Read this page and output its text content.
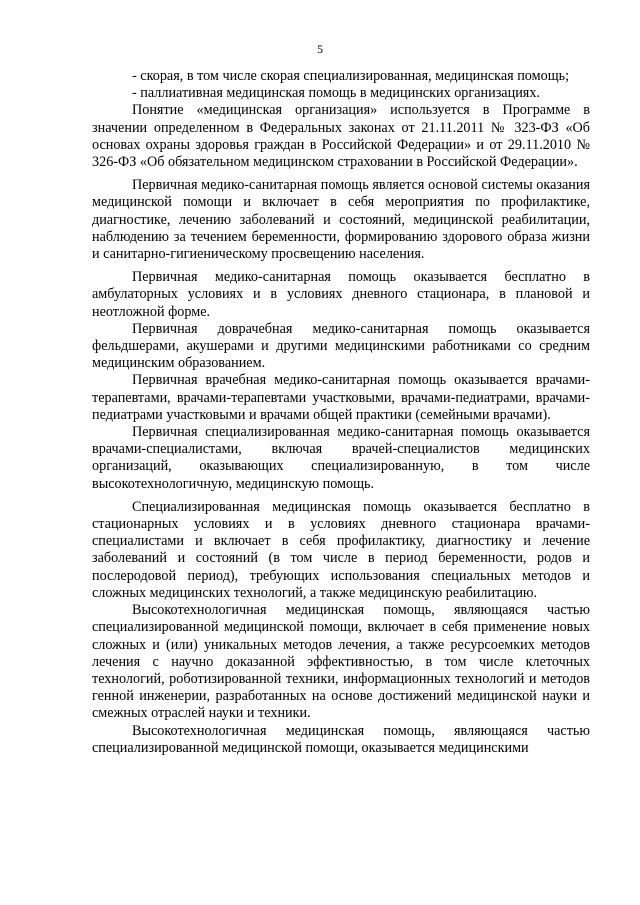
5

- скорая, в том числе скорая специализированная, медицинская помощь;

- паллиативная медицинская помощь в медицинских организациях.

Понятие «медицинская организация» используется в Программе в значении определенном в Федеральных законах от 21.11.2011 № 323-ФЗ «Об основах охраны здоровья граждан в Российской Федерации» и от 29.11.2010 № 326-ФЗ «Об обязательном медицинском страховании в Российской Федерации».

Первичная медико-санитарная помощь является основой системы оказания медицинской помощи и включает в себя мероприятия по профилактике, диагностике, лечению заболеваний и состояний, медицинской реабилитации, наблюдению за течением беременности, формированию здорового образа жизни и санитарно-гигиеническому просвещению населения.

Первичная медико-санитарная помощь оказывается бесплатно в амбулаторных условиях и в условиях дневного стационара, в плановой и неотложной форме.

Первичная доврачебная медико-санитарная помощь оказывается фельдшерами, акушерами и другими медицинскими работниками со средним медицинским образованием.

Первичная врачебная медико-санитарная помощь оказывается врачами-терапевтами, врачами-терапевтами участковыми, врачами-педиатрами, врачами-педиатрами участковыми и врачами общей практики (семейными врачами).

Первичная специализированная медико-санитарная помощь оказывается врачами-специалистами, включая врачей-специалистов медицинских организаций, оказывающих специализированную, в том числе высокотехнологичную, медицинскую помощь.

Специализированная медицинская помощь оказывается бесплатно в стационарных условиях и в условиях дневного стационара врачами-специалистами и включает в себя профилактику, диагностику и лечение заболеваний и состояний (в том числе в период беременности, родов и послеродовой период), требующих использования специальных методов и сложных медицинских технологий, а также медицинскую реабилитацию.

Высокотехнологичная медицинская помощь, являющаяся частью специализированной медицинской помощи, включает в себя применение новых сложных и (или) уникальных методов лечения, а также ресурсоемких методов лечения с научно доказанной эффективностью, в том числе клеточных технологий, роботизированной техники, информационных технологий и методов генной инженерии, разработанных на основе достижений медицинской науки и смежных отраслей науки и техники.

Высокотехнологичная медицинская помощь, являющаяся частью специализированной медицинской помощи, оказывается медицинскими
